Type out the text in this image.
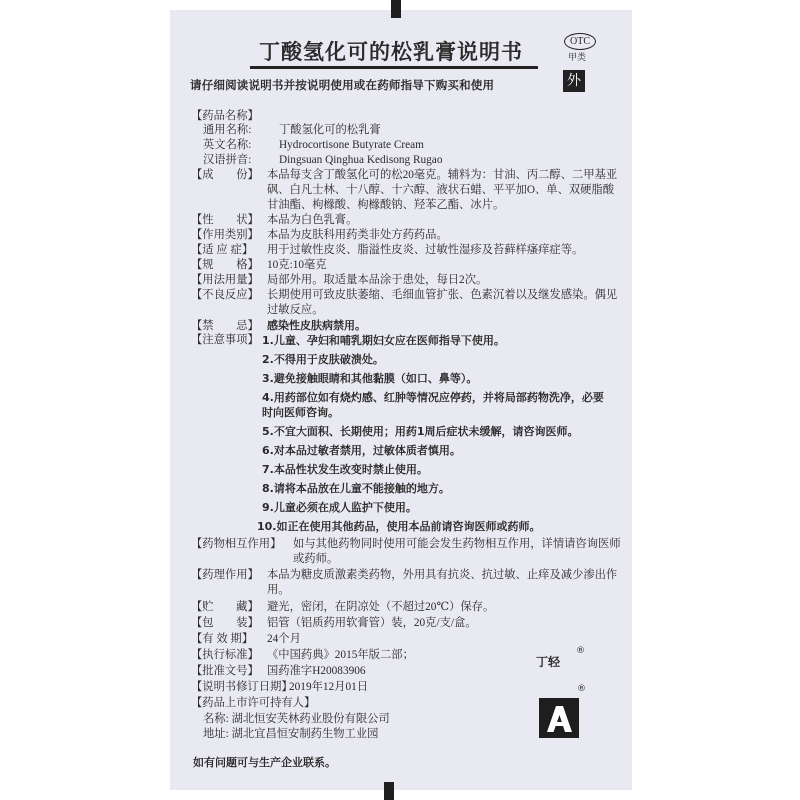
丁酸氢化可的松乳膏说明书	OTC
甲类
外
请仔细阅读说明书并按说明使用或在药师指导下购买和使用
【药品名称】
通用名称: 丁酸氢化可的松乳膏
英文名称: Hydrocortisone Butyrate Cream
汉语拼音: Dingsuan Qinghua Kedisong Rugao
【成　　份】 本品每支含丁酸氢化可的松20毫克。辅料为：甘油、丙二醇、二甲基亚砜、白凡士林、十八醇、十六醇、液状石蜡、平平加O、单、双硬脂酸甘油酯、枸橼酸、枸橼酸钠、羟苯乙酯、冰片。
【性　　状】 本品为白色乳膏。
【作用类别】 本品为皮肤科用药类非处方药药品。
【适 应 症】 用于过敏性皮炎、脂溢性皮炎、过敏性湿疹及苔藓样瘙痒症等。
【规　　格】 10克:10毫克
【用法用量】 局部外用。取适量本品涂于患处，每日2次。
【不良反应】 长期使用可致皮肤萎缩、毛细血管扩张、色素沉着以及继发感染。偶见过敏反应。
【禁　　忌】 感染性皮肤病禁用。
【注意事项】 1.儿童、孕妇和哺乳期妇女应在医师指导下使用。
2.不得用于皮肤破溃处。
3.避免接触眼睛和其他黏膜（如口、鼻等）。
4.用药部位如有烧灼感、红肿等情况应停药，并将局部药物洗净，必要时向医师咨询。
5.不宜大面积、长期使用；用药1周后症状未缓解，请咨询医师。
6.对本品过敏者禁用，过敏体质者慎用。
7.本品性状发生改变时禁止使用。
8.请将本品放在儿童不能接触的地方。
9.儿童必须在成人监护下使用。
10.如正在使用其他药品，使用本品前请咨询医师或药师。
【药物相互作用】 如与其他药物同时使用可能会发生药物相互作用，详情请咨询医师或药师。
【药理作用】 本品为糖皮质激素类药物，外用具有抗炎、抗过敏、止痒及减少渗出作用。
【贮　　藏】 避光，密闭，在阴凉处（不超过20℃）保存。
【包　　装】 铝管（铝质药用软膏管）装，20克/支/盒。
【有 效 期】 24个月
【执行标准】 《中国药典》2015年版二部；
【批准文号】 国药准字H20083906
【说明书修订日期】2019年12月01日
【药品上市许可持有人】
名称: 湖北恒安芙林药业股份有限公司
地址: 湖北宜昌恒安制药生物工业园
丁轻
®
®
如有问题可与生产企业联系。
